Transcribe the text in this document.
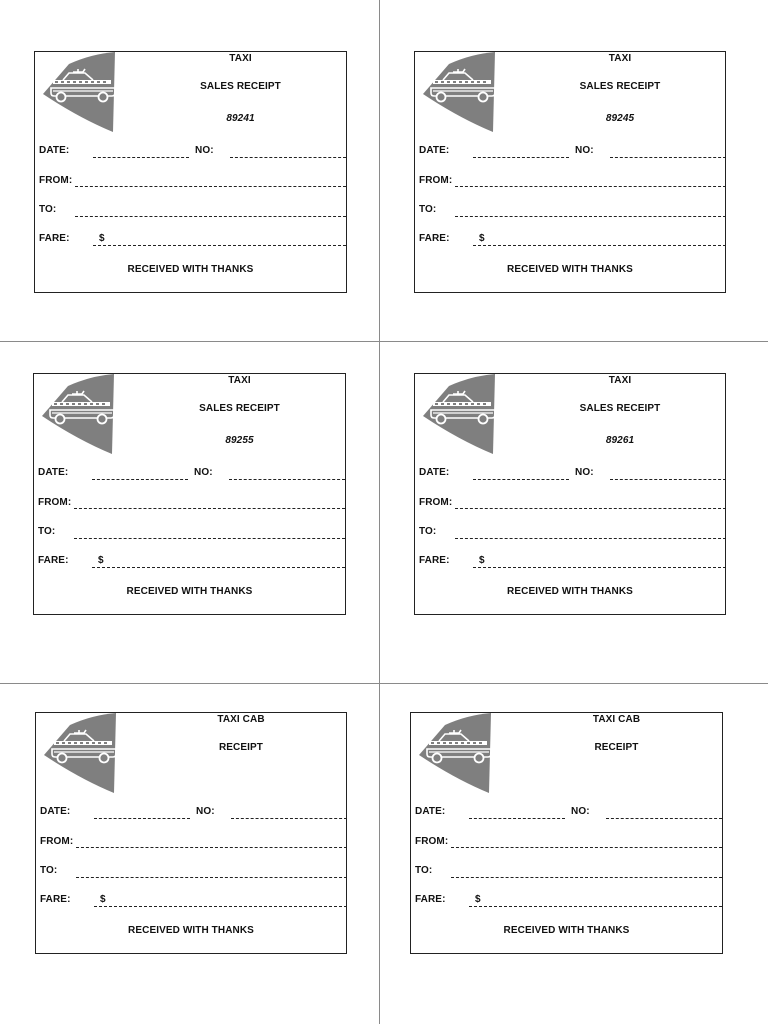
TAXI
SALES RECEIPT
89241
DATE:	NO:
FROM:
TO:
FARE:	$
RECEIVED WITH THANKS
TAXI
SALES RECEIPT
89245
DATE:	NO:
FROM:
TO:
FARE:	$
RECEIVED WITH THANKS
TAXI
SALES RECEIPT
89255
DATE:	NO:
FROM:
TO:
FARE:	$
RECEIVED WITH THANKS
TAXI
SALES RECEIPT
89261
DATE:	NO:
FROM:
TO:
FARE:	$
RECEIVED WITH THANKS
TAXI CAB
RECEIPT
DATE:	NO:
FROM:
TO:
FARE:	$
RECEIVED WITH THANKS
TAXI CAB
RECEIPT
DATE:	NO:
FROM:
TO:
FARE:	$
RECEIVED WITH THANKS
